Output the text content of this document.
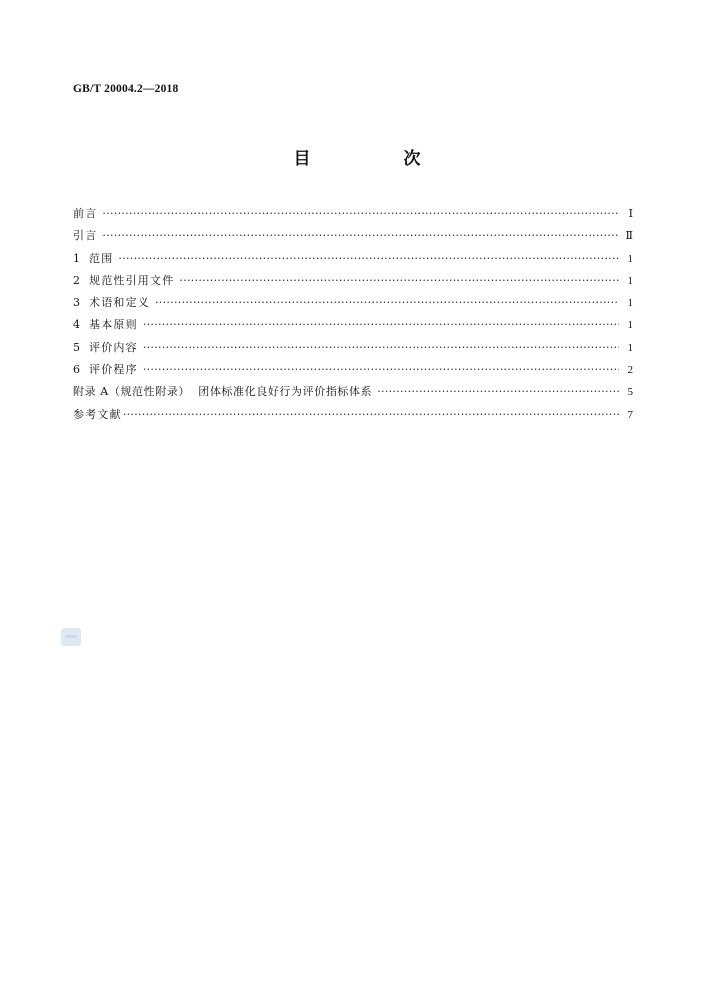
GB/T 20004.2—2018
目　次
前言 ·····	Ⅰ
引言 ·····	Ⅱ
1 范围 ·····	1
2 规范性引用文件 ·····	1
3 术语和定义 ·····	1
4 基本原则 ·····	1
5 评价内容 ·····	1
6 评价程序 ·····	2
附录 A（规范性附录）  团体标准化良好行为评价指标体系 ·····	5
参考文献 ·····	7
